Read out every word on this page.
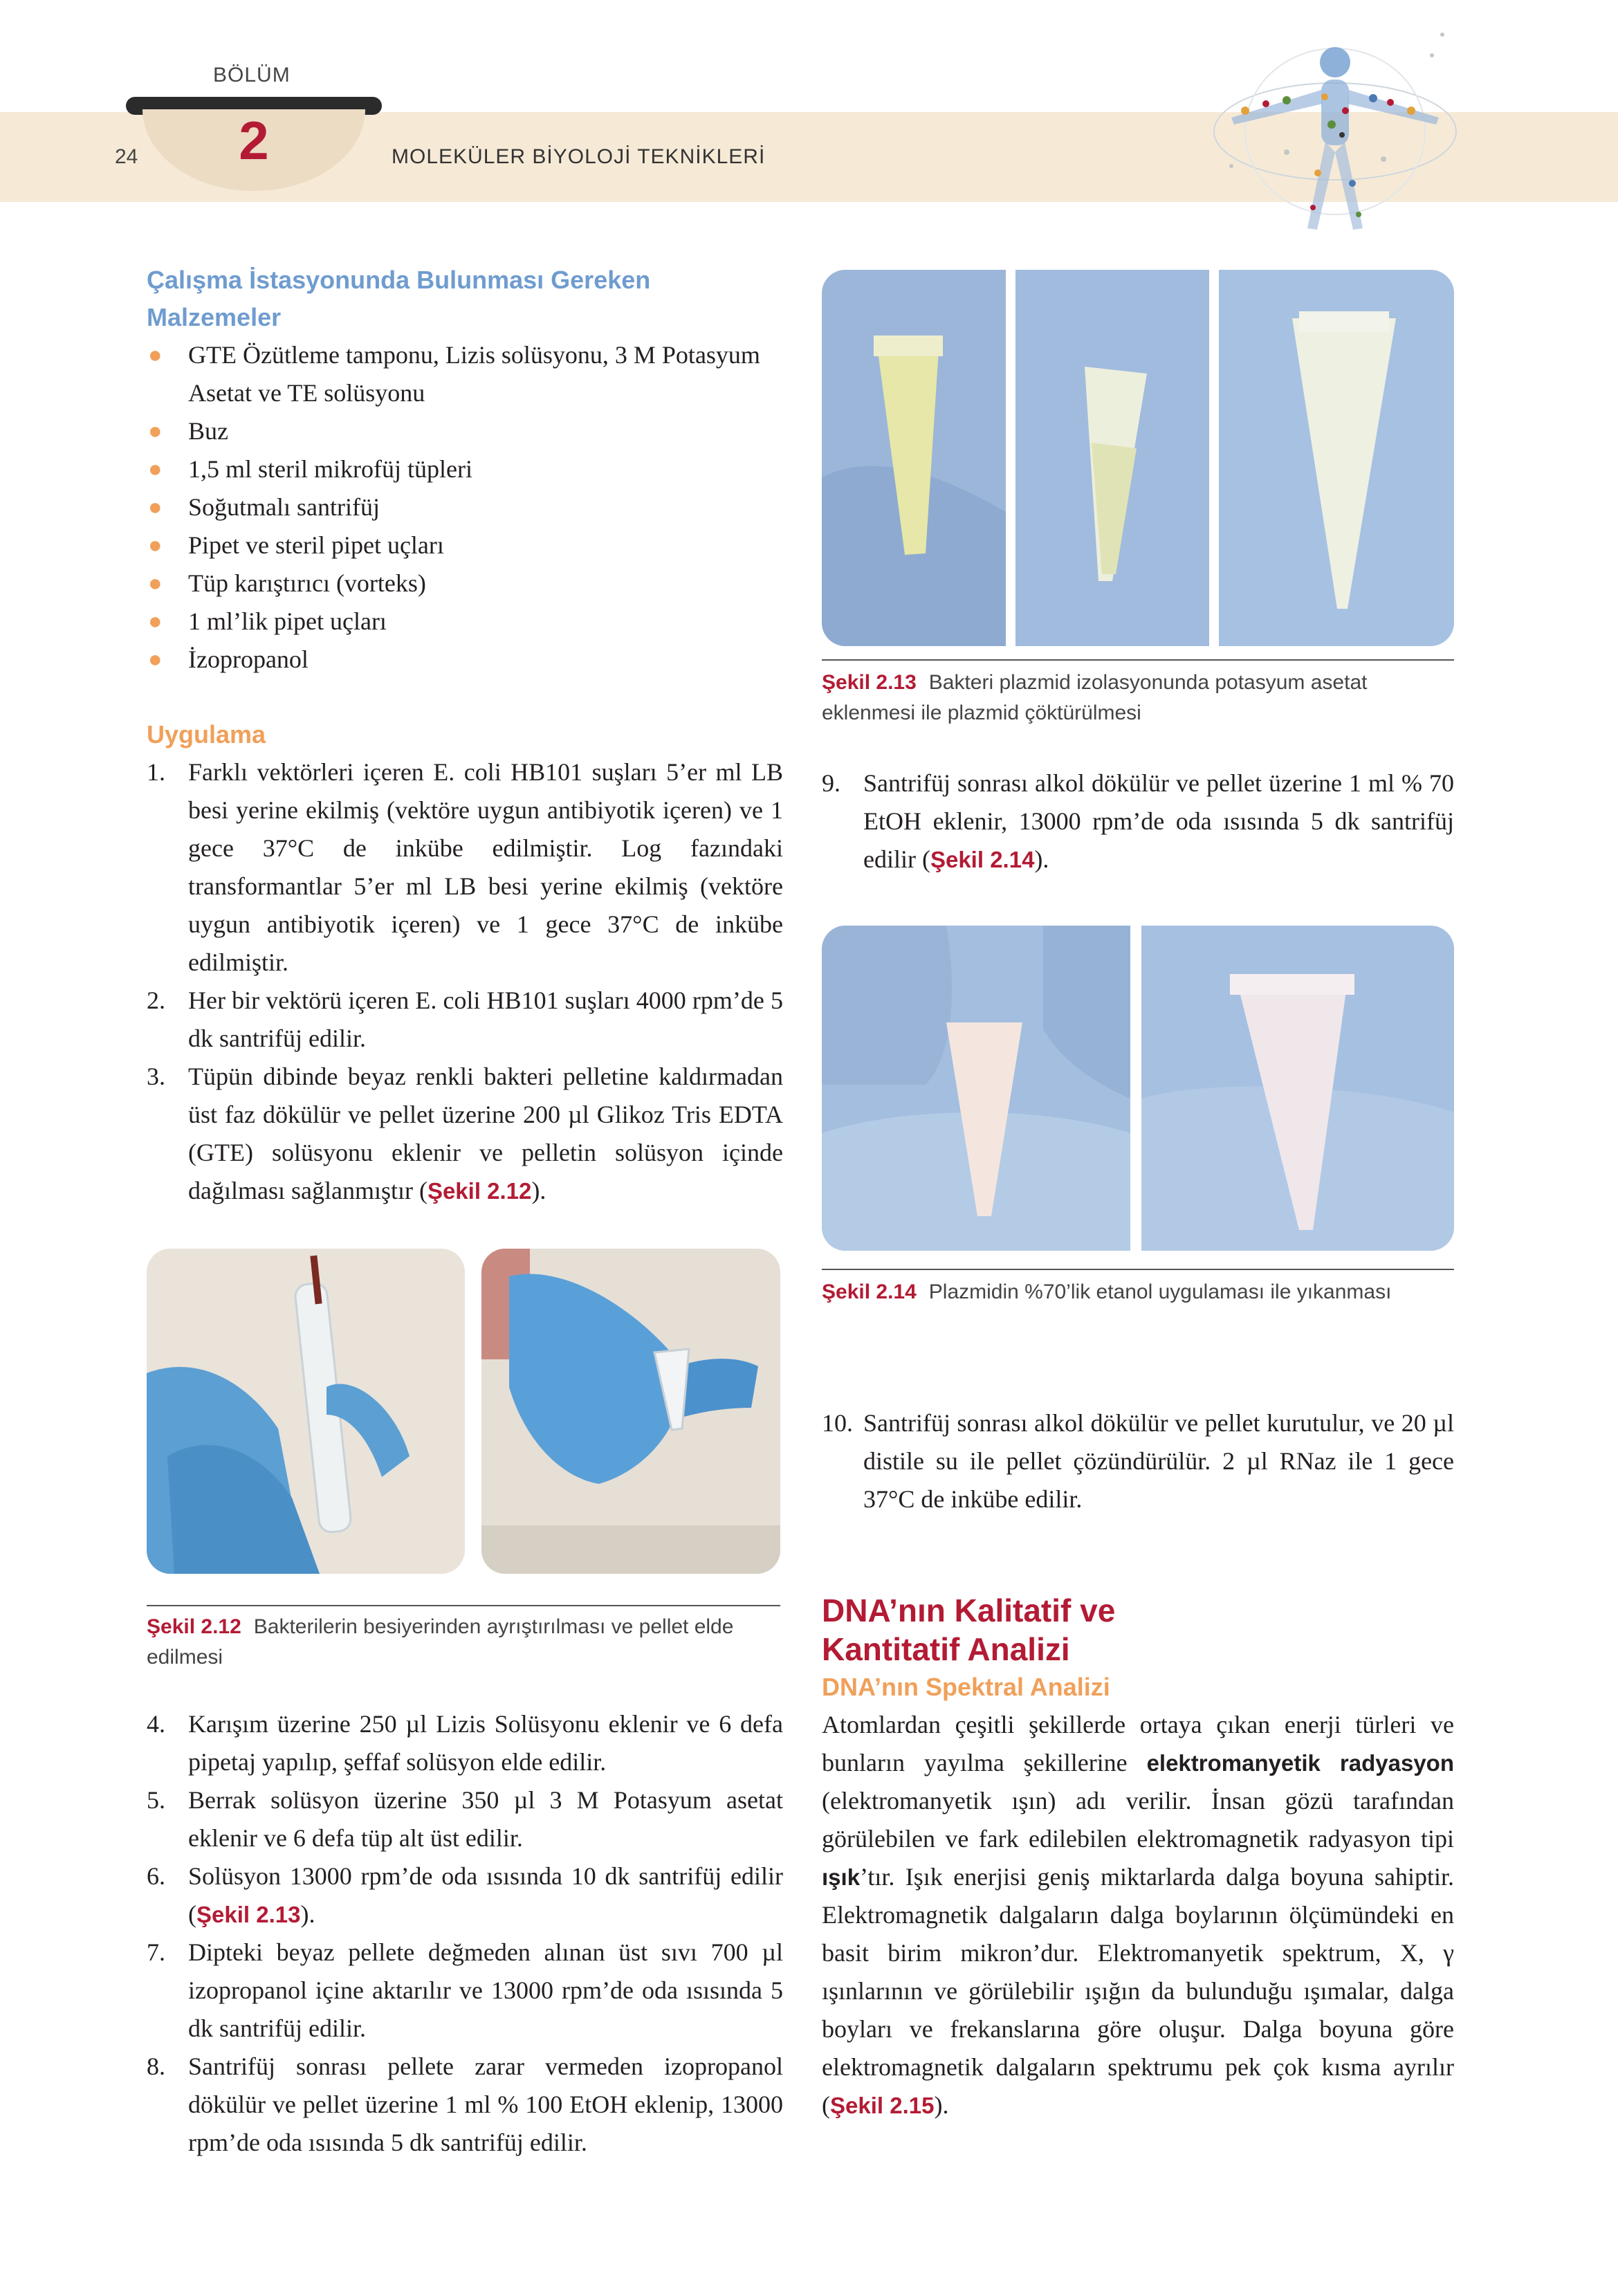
BÖLÜM
24	2	MOLEKÜLER BİYOLOJİ TEKNİKLERİ
Çalışma İstasyonunda Bulunması Gereken
Malzemeler
● GTE Özütleme tamponu, Lizis solüsyonu, 3 M Potasyum Asetat ve TE solüsyonu
● Buz
● 1,5 ml steril mikrofüj tüpleri
● Soğutmalı santrifüj
● Pipet ve steril pipet uçları
● Tüp karıştırıcı (vorteks)
● 1 ml’lik pipet uçları
● İzopropanol
Uygulama
1. Farklı vektörleri içeren E. coli HB101 suşları 5’er ml LB besi yerine ekilmiş (vektöre uygun antibiyotik içeren) ve 1 gece 37°C de inkübe edilmiştir. Log fazındaki transformantlar 5’er ml LB besi yerine ekilmiş (vektöre uygun antibiyotik içeren) ve 1 gece 37°C de inkübe edilmiştir.
2. Her bir vektörü içeren E. coli HB101 suşları 4000 rpm’de 5 dk santrifüj edilir.
3. Tüpün dibinde beyaz renkli bakteri pelletine kaldırmadan üst faz dökülür ve pellet üzerine 200 µl Glikoz Tris EDTA (GTE) solüsyonu eklenir ve pelletin solüsyon içinde dağılması sağlanmıştır (Şekil 2.12).
Şekil 2.12 Bakterilerin besiyerinden ayrıştırılması ve pellet elde edilmesi
4. Karışım üzerine 250 µl Lizis Solüsyonu eklenir ve 6 defa pipetaj yapılıp, şeffaf solüsyon elde edilir.
5. Berrak solüsyon üzerine 350 µl 3 M Potasyum asetat eklenir ve 6 defa tüp alt üst edilir.
6. Solüsyon 13000 rpm’de oda ısısında 10 dk santrifüj edilir (Şekil 2.13).
7. Dipteki beyaz pellete değmeden alınan üst sıvı 700 µl izopropanol içine aktarılır ve 13000 rpm’de oda ısısında 5 dk santrifüj edilir.
8. Santrifüj sonrası pellete zarar vermeden izopropanol dökülür ve pellet üzerine 1 ml % 100 EtOH eklenip, 13000 rpm’de oda ısısında 5 dk santrifüj edilir.
Şekil 2.13 Bakteri plazmid izolasyonunda potasyum asetat eklenmesi ile plazmid çöktürülmesi
9. Santrifüj sonrası alkol dökülür ve pellet üzerine 1 ml % 70 EtOH eklenir, 13000 rpm’de oda ısısında 5 dk santrifüj edilir (Şekil 2.14).
Şekil 2.14 Plazmidin %70’lik etanol uygulaması ile yıkanması
10. Santrifüj sonrası alkol dökülür ve pellet kurutulur, ve 20 µl distile su ile pellet çözündürülür. 2 µl RNaz ile 1 gece 37°C de inkübe edilir.
DNA’nın Kalitatif ve
Kantitatif Analizi
DNA’nın Spektral Analizi
Atomlardan çeşitli şekillerde ortaya çıkan enerji türleri ve bunların yayılma şekillerine elektromanyetik radyasyon (elektromanyetik ışın) adı verilir. İnsan gözü tarafından görülebilen ve fark edilebilen elektromagnetik radyasyon tipi ışık’tır. Işık enerjisi geniş miktarlarda dalga boyuna sahiptir. Elektromagnetik dalgaların dalga boylarının ölçümündeki en basit birim mikron’dur. Elektromanyetik spektrum, X, γ ışınlarının ve görülebilir ışığın da bulunduğu ışımalar, dalga boyları ve frekanslarına göre oluşur. Dalga boyuna göre elektromagnetik dalgaların spektrumu pek çok kısma ayrılır (Şekil 2.15).
